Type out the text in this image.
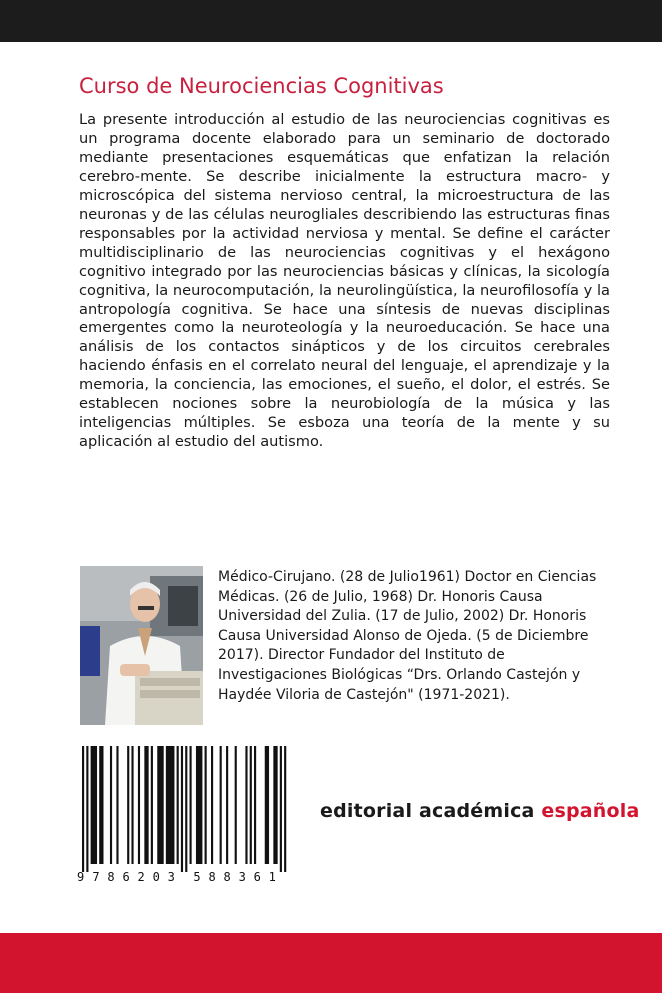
Curso de Neurociencias Cognitivas

La presente introducción al estudio de las neurociencias cognitivas es un programa docente elaborado para un seminario de doctorado mediante presentaciones esquemáticas que enfatizan la relación cerebro-mente. Se describe inicialmente la estructura macro- y microscópica del sistema nervioso central, la microestructura de las neuronas y de las células neurogliales describiendo las estructuras finas responsables por la actividad nerviosa y mental. Se define el carácter multidisciplinario de las neurociencias cognitivas y el hexágono cognitivo integrado por las neurociencias básicas y clínicas, la sicología cognitiva, la neurocomputación, la neurolingüística, la neurofilosofía y la antropología cognitiva. Se hace una síntesis de nuevas disciplinas emergentes como la neuroteología y la neuroeducación. Se hace una análisis de los contactos sinápticos y de los circuitos cerebrales haciendo énfasis en el correlato neural del lenguaje, el aprendizaje y la memoria, la conciencia, las emociones, el sueño, el dolor, el estrés. Se establecen nociones sobre la neurobiología de la música y las inteligencias múltiples. Se esboza una teoría de la mente y su aplicación al estudio del autismo.

Médico-Cirujano. (28 de Julio1961) Doctor en Ciencias Médicas. (26 de Julio, 1968) Dr. Honoris Causa Universidad del Zulia. (17 de Julio, 2002) Dr. Honoris Causa Universidad Alonso de Ojeda. (5 de Diciembre 2017). Director Fundador del Instituto de Investigaciones Biológicas “Drs. Orlando Castejón y Haydée Viloria de Castejón" (1971-2021).

9 7 8 6 2 0 3 5 8 8 3 6 1
editorial académica española
